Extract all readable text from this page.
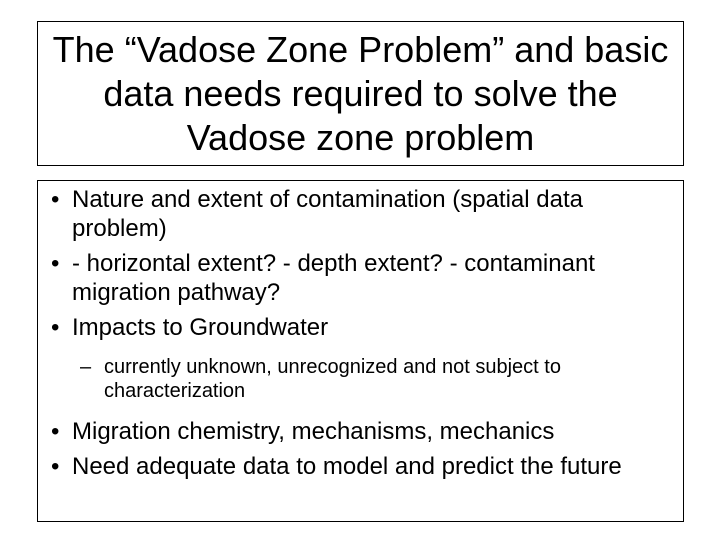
The “Vadose Zone Problem” and basic data needs required to solve the Vadose zone problem
• Nature and extent of contamination (spatial data problem)
• - horizontal extent? - depth extent? - contaminant migration pathway?
• Impacts to Groundwater
– currently unknown, unrecognized and not subject to characterization
• Migration chemistry, mechanisms, mechanics
• Need adequate data to model and predict the future
